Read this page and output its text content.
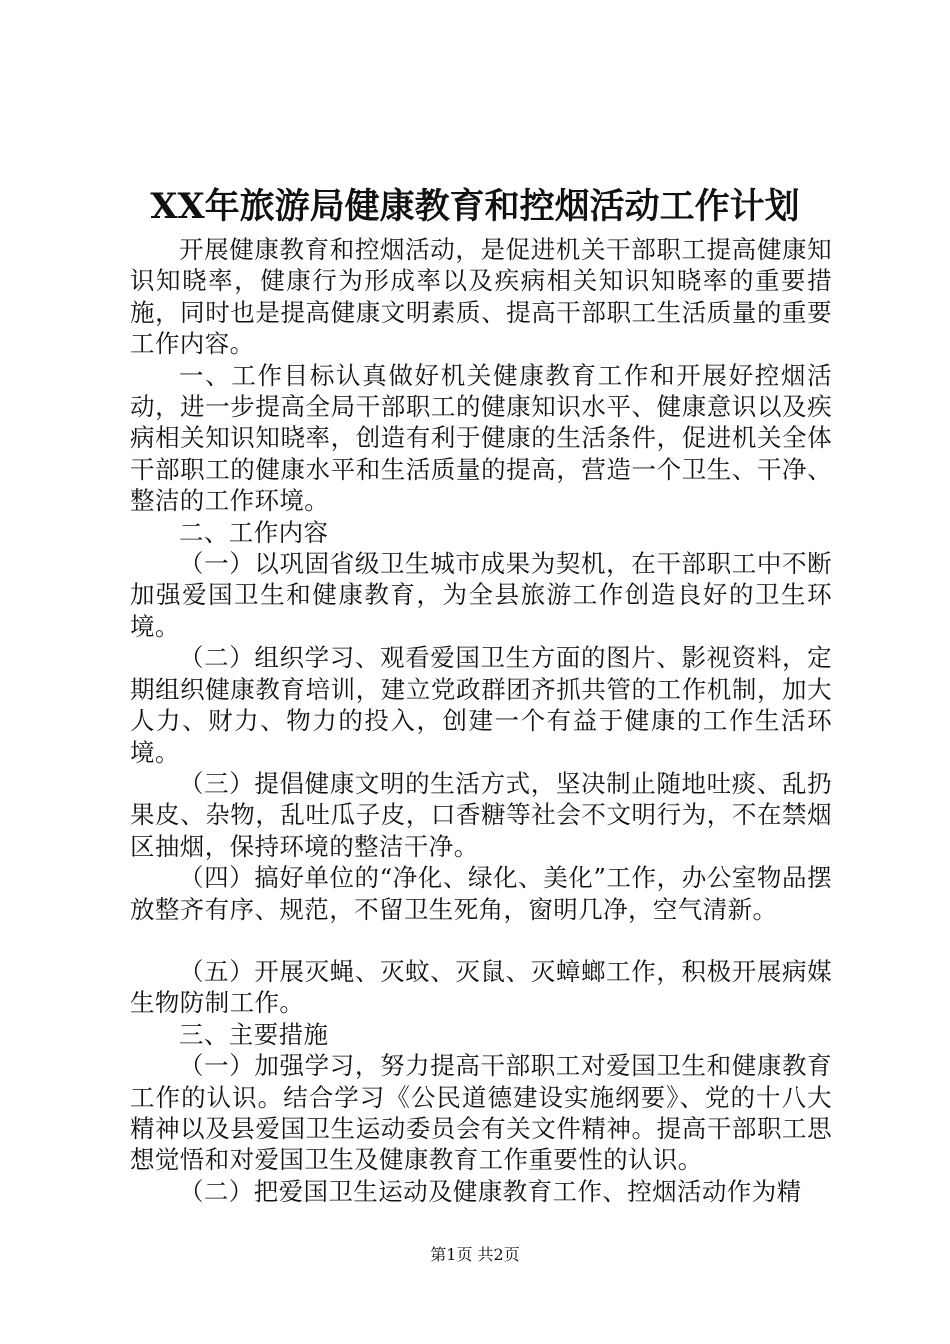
XX年旅游局健康教育和控烟活动工作计划

开展健康教育和控烟活动，是促进机关干部职工提高健康知识知晓率，健康行为形成率以及疾病相关知识知晓率的重要措施，同时也是提高健康文明素质、提高干部职工生活质量的重要工作内容。

一、工作目标认真做好机关健康教育工作和开展好控烟活动，进一步提高全局干部职工的健康知识水平、健康意识以及疾病相关知识知晓率，创造有利于健康的生活条件，促进机关全体干部职工的健康水平和生活质量的提高，营造一个卫生、干净、整洁的工作环境。

二、工作内容

（一）以巩固省级卫生城市成果为契机，在干部职工中不断加强爱国卫生和健康教育，为全县旅游工作创造良好的卫生环境。

（二）组织学习、观看爱国卫生方面的图片、影视资料，定期组织健康教育培训，建立党政群团齐抓共管的工作机制，加大人力、财力、物力的投入，创建一个有益于健康的工作生活环境。

（三）提倡健康文明的生活方式，坚决制止随地吐痰、乱扔果皮、杂物，乱吐瓜子皮，口香糖等社会不文明行为，不在禁烟区抽烟，保持环境的整洁干净。

（四）搞好单位的“净化、绿化、美化”工作，办公室物品摆放整齐有序、规范，不留卫生死角，窗明几净，空气清新。

（五）开展灭蝇、灭蚊、灭鼠、灭蟑螂工作，积极开展病媒生物防制工作。

三、主要措施

（一）加强学习，努力提高干部职工对爱国卫生和健康教育工作的认识。结合学习《公民道德建设实施纲要》、党的十八大精神以及县爱国卫生运动委员会有关文件精神。提高干部职工思想觉悟和对爱国卫生及健康教育工作重要性的认识。

（二）把爱国卫生运动及健康教育工作、控烟活动作为精

第1页 共2页
